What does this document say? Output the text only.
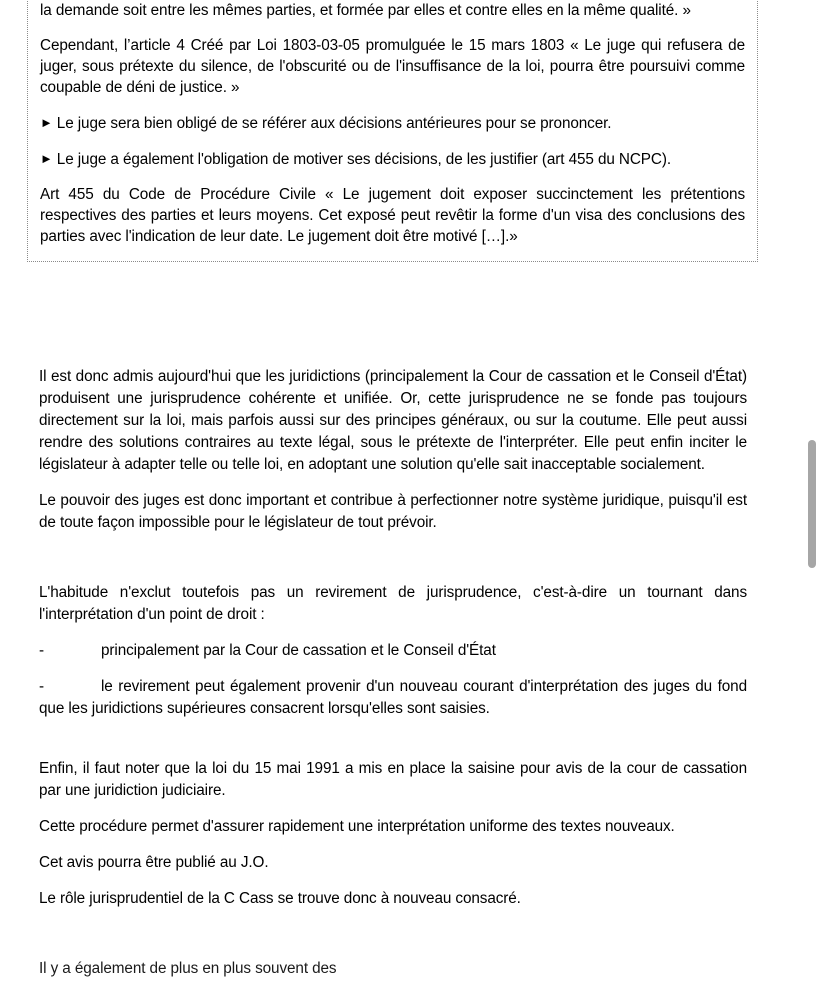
la demande soit entre les mêmes parties, et formée par elles et contre elles en la même qualité. »

Cependant, l’article 4 Créé par Loi 1803-03-05 promulguée le 15 mars 1803 « Le juge qui refusera de juger, sous prétexte du silence, de l'obscurité ou de l'insuffisance de la loi, pourra être poursuivi comme coupable de déni de justice. »

► Le juge sera bien obligé de se référer aux décisions antérieures pour se prononcer.

► Le juge a également l'obligation de motiver ses décisions, de les justifier (art 455 du NCPC).

Art 455 du Code de Procédure Civile « Le jugement doit exposer succinctement les prétentions respectives des parties et leurs moyens. Cet exposé peut revêtir la forme d'un visa des conclusions des parties avec l'indication de leur date. Le jugement doit être motivé […].»

Il est donc admis aujourd'hui que les juridictions (principalement la Cour de cassation et le Conseil d'État) produisent une jurisprudence cohérente et unifiée. Or, cette jurisprudence ne se fonde pas toujours directement sur la loi, mais parfois aussi sur des principes généraux, ou sur la coutume. Elle peut aussi rendre des solutions contraires au texte légal, sous le prétexte de l'interpréter. Elle peut enfin inciter le législateur à adapter telle ou telle loi, en adoptant une solution qu'elle sait inacceptable socialement.

Le pouvoir des juges est donc important et contribue à perfectionner notre système juridique, puisqu'il est de toute façon impossible pour le législateur de tout prévoir.

L'habitude n'exclut toutefois pas un revirement de jurisprudence, c'est-à-dire un tournant dans l'interprétation d'un point de droit :

-	principalement par la Cour de cassation et le Conseil d'État

-	le revirement peut également provenir d'un nouveau courant d'interprétation des juges du fond que les juridictions supérieures consacrent lorsqu'elles sont saisies.

Enfin, il faut noter que la loi du 15 mai 1991 a mis en place la saisine pour avis de la cour de cassation par une juridiction judiciaire.

Cette procédure permet d'assurer rapidement une interprétation uniforme des textes nouveaux.

Cet avis pourra être publié au J.O.

Le rôle jurisprudentiel de la C Cass se trouve donc à nouveau consacré.

Il y a également de plus en plus souvent des
